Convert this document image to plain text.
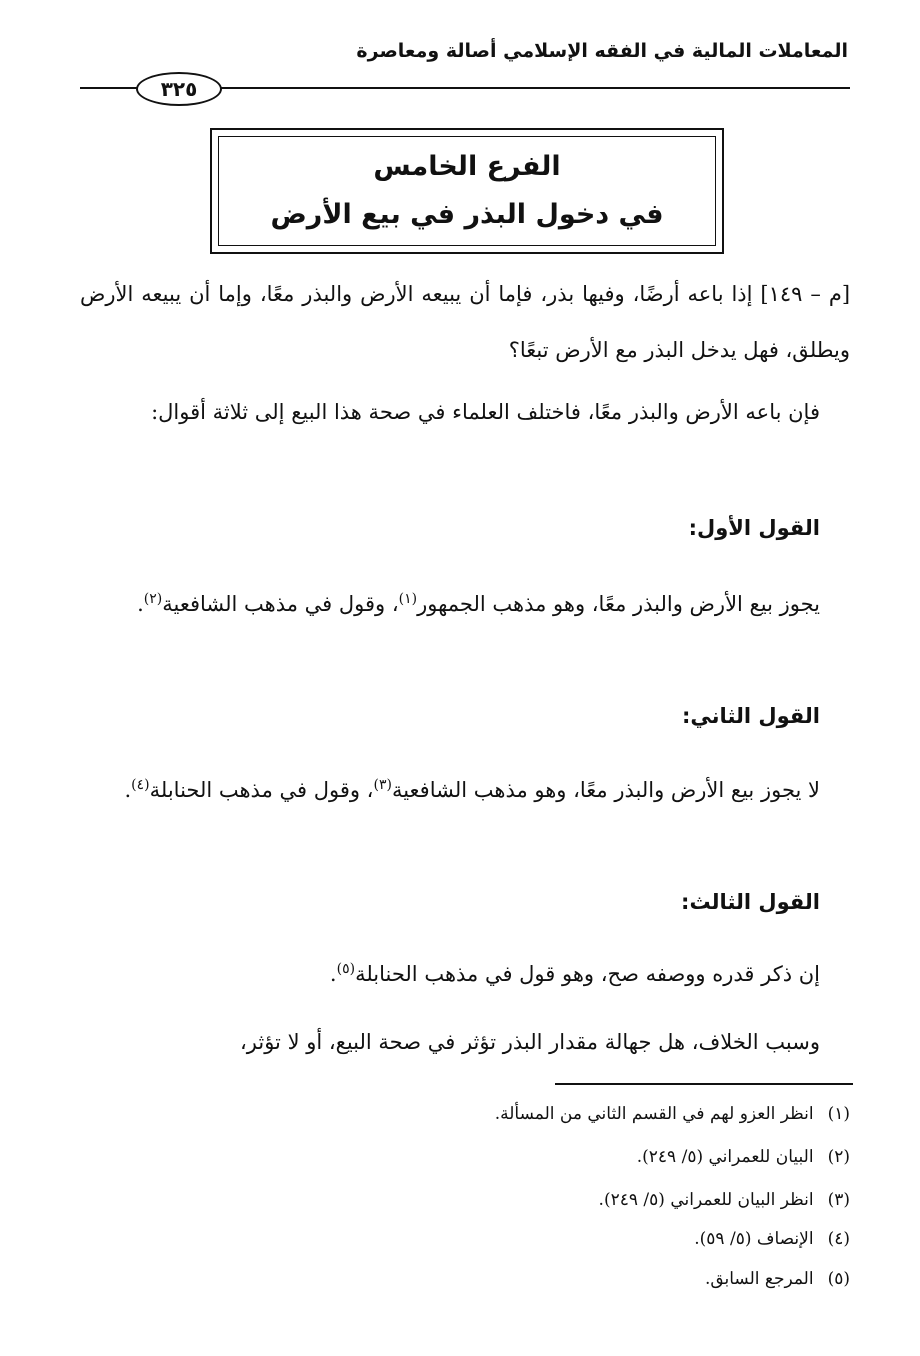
المعاملات المالية في الفقه الإسلامي أصالة ومعاصرة
٣٢٥
الفرع الخامس
في دخول البذر في بيع الأرض
[م – ١٤٩] إذا باعه أرضًا، وفيها بذر، فإما أن يبيعه الأرض والبذر معًا، وإما أن يبيعه الأرض ويطلق، فهل يدخل البذر مع الأرض تبعًا؟
فإن باعه الأرض والبذر معًا، فاختلف العلماء في صحة هذا البيع إلى ثلاثة أقوال:
القول الأول:
يجوز بيع الأرض والبذر معًا، وهو مذهب الجمهور$^{(١)}$، وقول في مذهب الشافعية$^{(٢)}$.
القول الثاني:
لا يجوز بيع الأرض والبذر معًا، وهو مذهب الشافعية$^{(٣)}$، وقول في مذهب الحنابلة$^{(٤)}$.
القول الثالث:
إن ذكر قدره ووصفه صح، وهو قول في مذهب الحنابلة$^{(٥)}$.
وسبب الخلاف، هل جهالة مقدار البذر تؤثر في صحة البيع، أو لا تؤثر،
(١)انظر العزو لهم في القسم الثاني من المسألة.
(٢)البيان للعمراني (٥/ ٢٤٩).
(٣)انظر البيان للعمراني (٥/ ٢٤٩).
(٤)الإنصاف (٥/ ٥٩).
(٥)المرجع السابق.
